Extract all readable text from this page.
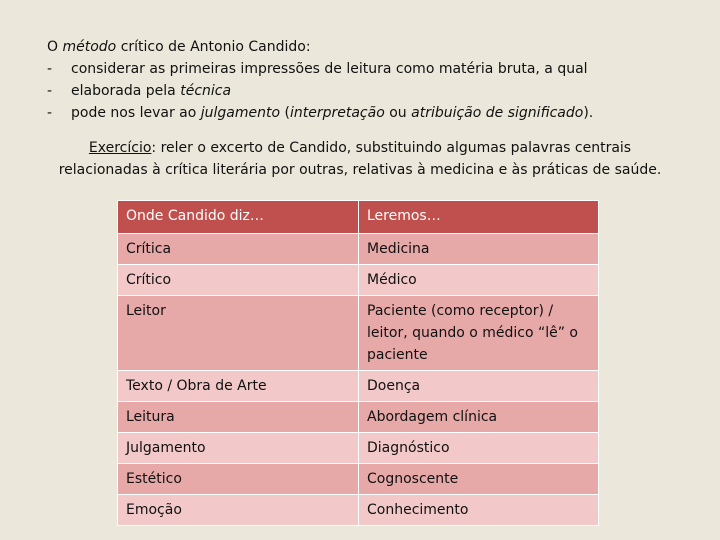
O método crítico de Antonio Candido:
- considerar as primeiras impressões de leitura como matéria bruta, a qual
- elaborada pela técnica
- pode nos levar ao julgamento (interpretação ou atribuição de significado).
Exercício: reler o excerto de Candido, substituindo algumas palavras centrais
relacionadas à crítica literária por outras, relativas à medicina e às práticas de saúde.
Onde Candido diz…	Leremos…
Crítica	Medicina
Crítico	Médico
Leitor	Paciente (como receptor) / leitor, quando o médico “lê” o paciente
Texto / Obra de Arte	Doença
Leitura	Abordagem clínica
Julgamento	Diagnóstico
Estético	Cognoscente
Emoção	Conhecimento
